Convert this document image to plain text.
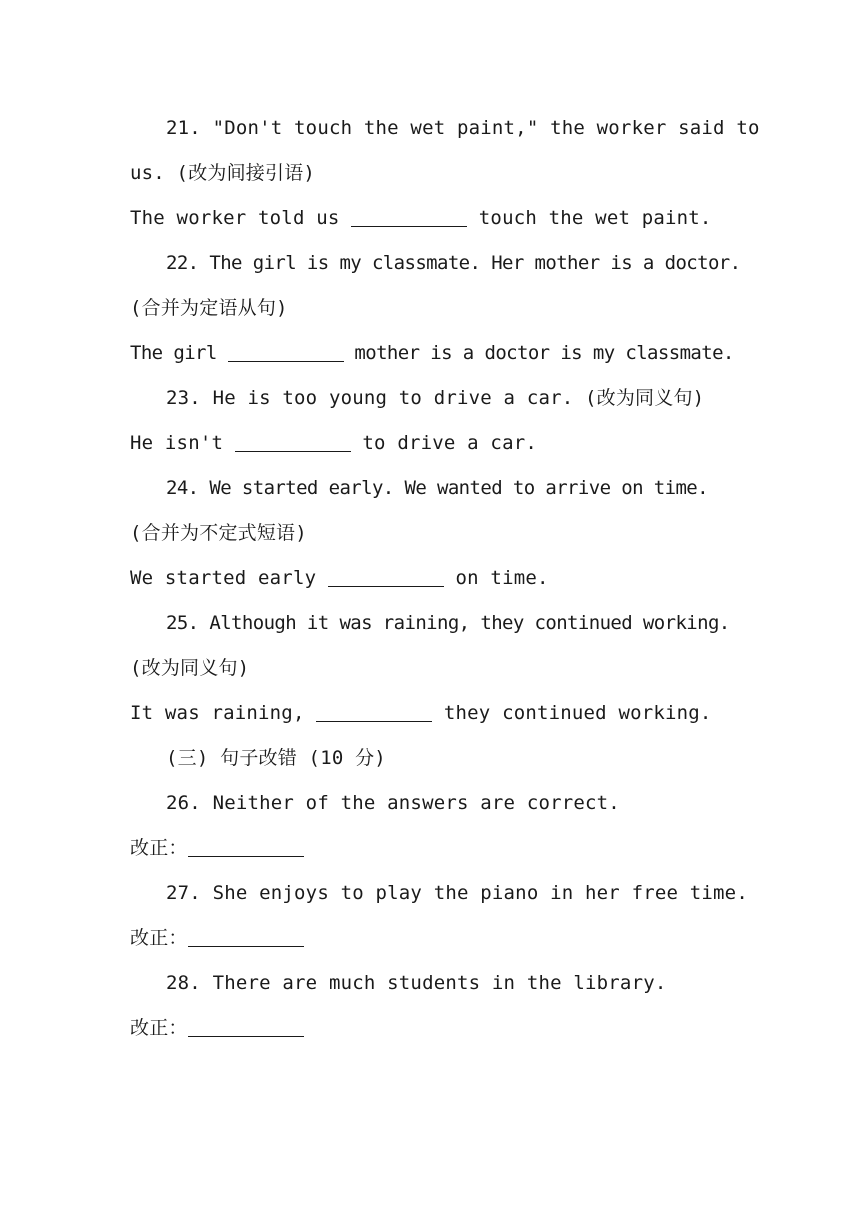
21. "Don't touch the wet paint," the worker said to
us. (改为间接引语)
The worker told us	touch the wet paint.
22. The girl is my classmate. Her mother is a doctor.
(合并为定语从句)
The girl	mother is a doctor is my classmate.
23. He is too young to drive a car. (改为同义句)
He isn't	to drive a car.
24. We started early. We wanted to arrive on time.
(合并为不定式短语)
We started early	on time.
25. Although it was raining, they continued working.
(改为同义句)
It was raining,	they continued working.
(三) 句子改错 (10 分)
26. Neither of the answers are correct.
改正：
27. She enjoys to play the piano in her free time.
改正：
28. There are much students in the library.
改正：
